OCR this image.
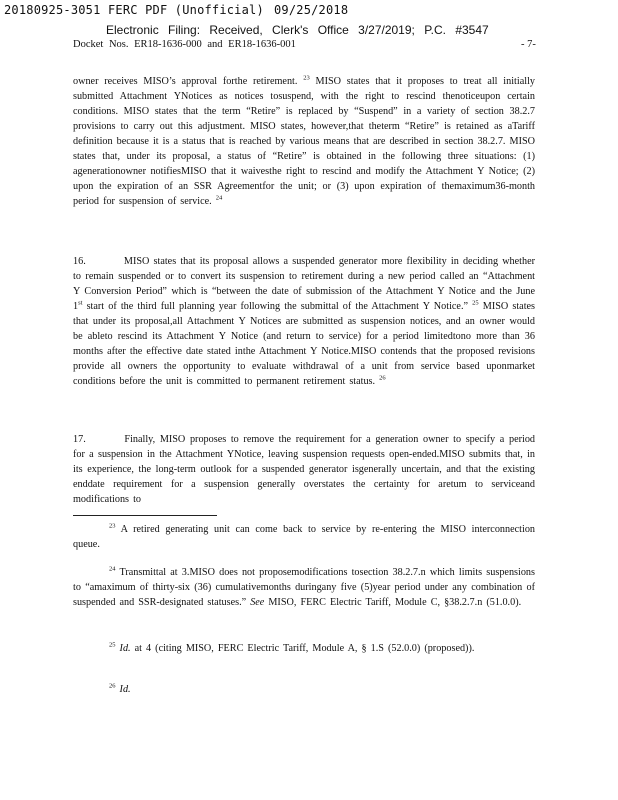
20180925-3051 FERC PDF (Unofficial) 09/25/2018
Electronic Filing: Received, Clerk's Office 3/27/2019; P.C. #3547
Docket Nos. ER18-1636-000 and ER18-1636-001	- 7-

owner receives MISO’s approval forthe retirement. $^{23}$ MISO states that it proposes to treat all initially submitted Attachment YNotices as notices tosuspend, with the right to rescind thenoticeupon certain conditions. MISO states that the term “Retire” is replaced by “Suspend” in a variety of section 38.2.7 provisions to carry out this adjustment. MISO states, however,that theterm “Retire” is retained as aTariff definition because it is a status that is reached by various means that are described in section 38.2.7. MISO states that, under its proposal, a status of “Retire” is obtained in the following three situations: (1) agenerationowner notifiesMISO that it waivesthe right to rescind and modify the Attachment Y Notice; (2) upon the expiration of an SSR Agreementfor the unit; or (3) upon expiration of themaximum36-month period for suspension of service. $^{24}$

16.	MISO states that its proposal allows a suspended generator more flexibility in deciding whether to remain suspended or to convert its suspension to retirement during a new period called an “Attachment Y Conversion Period” which is “between the date of submission of the Attachment Y Notice and the June 1st start of the third full planning year following the submittal of the Attachment Y Notice.” $^{25}$ MISO states that under its proposal,all Attachment Y Notices are submitted as suspension notices, and an owner would be ableto rescind its Attachment Y Notice (and return to service) for a period limitedtono more than 36 months after the effective date stated inthe Attachment Y Notice.MISO contends that the proposed revisions provide all owners the opportunity to evaluate withdrawal of a unit from service based uponmarket conditions before the unit is committed to permanent retirement status. $^{26}$

17.	Finally, MISO proposes to remove the requirement for a generation owner to specify a period for a suspension in the Attachment YNotice, leaving suspension requests open-ended.MISO submits that, in its experience, the long-term outlook for a suspended generator isgenerally uncertain, and that the existing enddate requirement for a suspension generally overstates the certainty for aretum to serviceand modifications to

$^{23}$ A retired generating unit can come back to service by re-entering the MISO interconnection queue.
$^{24}$ Transmittal at 3.MISO does not proposemodifications tosection 38.2.7.n which limits suspensions to “amaximum of thirty-six (36) cumulativemonths duringany five (5)year period under any combination of suspended and SSR-designated statuses.” See MISO, FERC Electric Tariff, Module C, §38.2.7.n (51.0.0).
$^{25}$ Id. at 4 (citing MISO, FERC Electric Tariff, Module A, § 1.S (52.0.0) (proposed)).
$^{26}$ Id.
